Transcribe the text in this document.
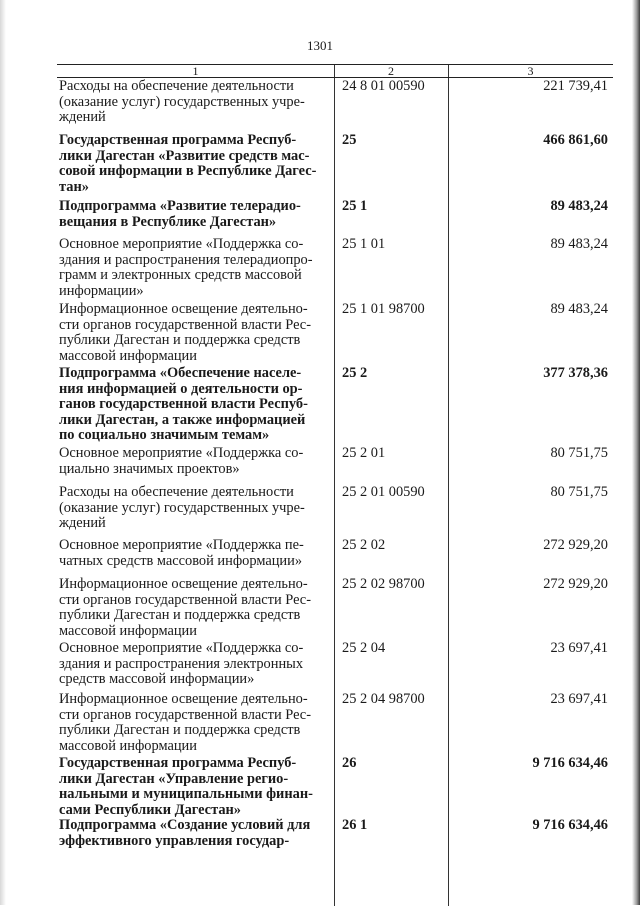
1301
1	2	3
Расходы на обеспечение деятельности
(оказание услуг) государственных учре-
ждений
24 8 01 00590	221 739,41
Государственная программа Респуб-
лики Дагестан «Развитие средств мас-
совой информации в Республике Дагес-
тан»
25	466 861,60
Подпрограмма «Развитие телерадио-
вещания в Республике Дагестан»
25 1	89 483,24
Основное мероприятие «Поддержка со-
здания и распространения телерадиопро-
грамм и электронных средств массовой
информации»
25 1 01	89 483,24
Информационное освещение деятельно-
сти органов государственной власти Рес-
публики Дагестан и поддержка средств
массовой информации
25 1 01 98700	89 483,24
Подпрограмма «Обеспечение населе-
ния информацией о деятельности ор-
ганов государственной власти Респуб-
лики Дагестан, а также информацией
по социально значимым темам»
25 2	377 378,36
Основное мероприятие «Поддержка со-
циально значимых проектов»
25 2 01	80 751,75
Расходы на обеспечение деятельности
(оказание услуг) государственных учре-
ждений
25 2 01 00590	80 751,75
Основное мероприятие «Поддержка пе-
чатных средств массовой информации»
25 2 02	272 929,20
Информационное освещение деятельно-
сти органов государственной власти Рес-
публики Дагестан и поддержка средств
массовой информации
25 2 02 98700	272 929,20
Основное мероприятие «Поддержка со-
здания и распространения электронных
средств массовой информации»
25 2 04	23 697,41
Информационное освещение деятельно-
сти органов государственной власти Рес-
публики Дагестан и поддержка средств
массовой информации
25 2 04 98700	23 697,41
Государственная программа Респуб-
лики Дагестан «Управление регио-
нальными и муниципальными финан-
сами Республики Дагестан»
26	9 716 634,46
Подпрограмма «Создание условий для
эффективного управления государ-
26 1	9 716 634,46
